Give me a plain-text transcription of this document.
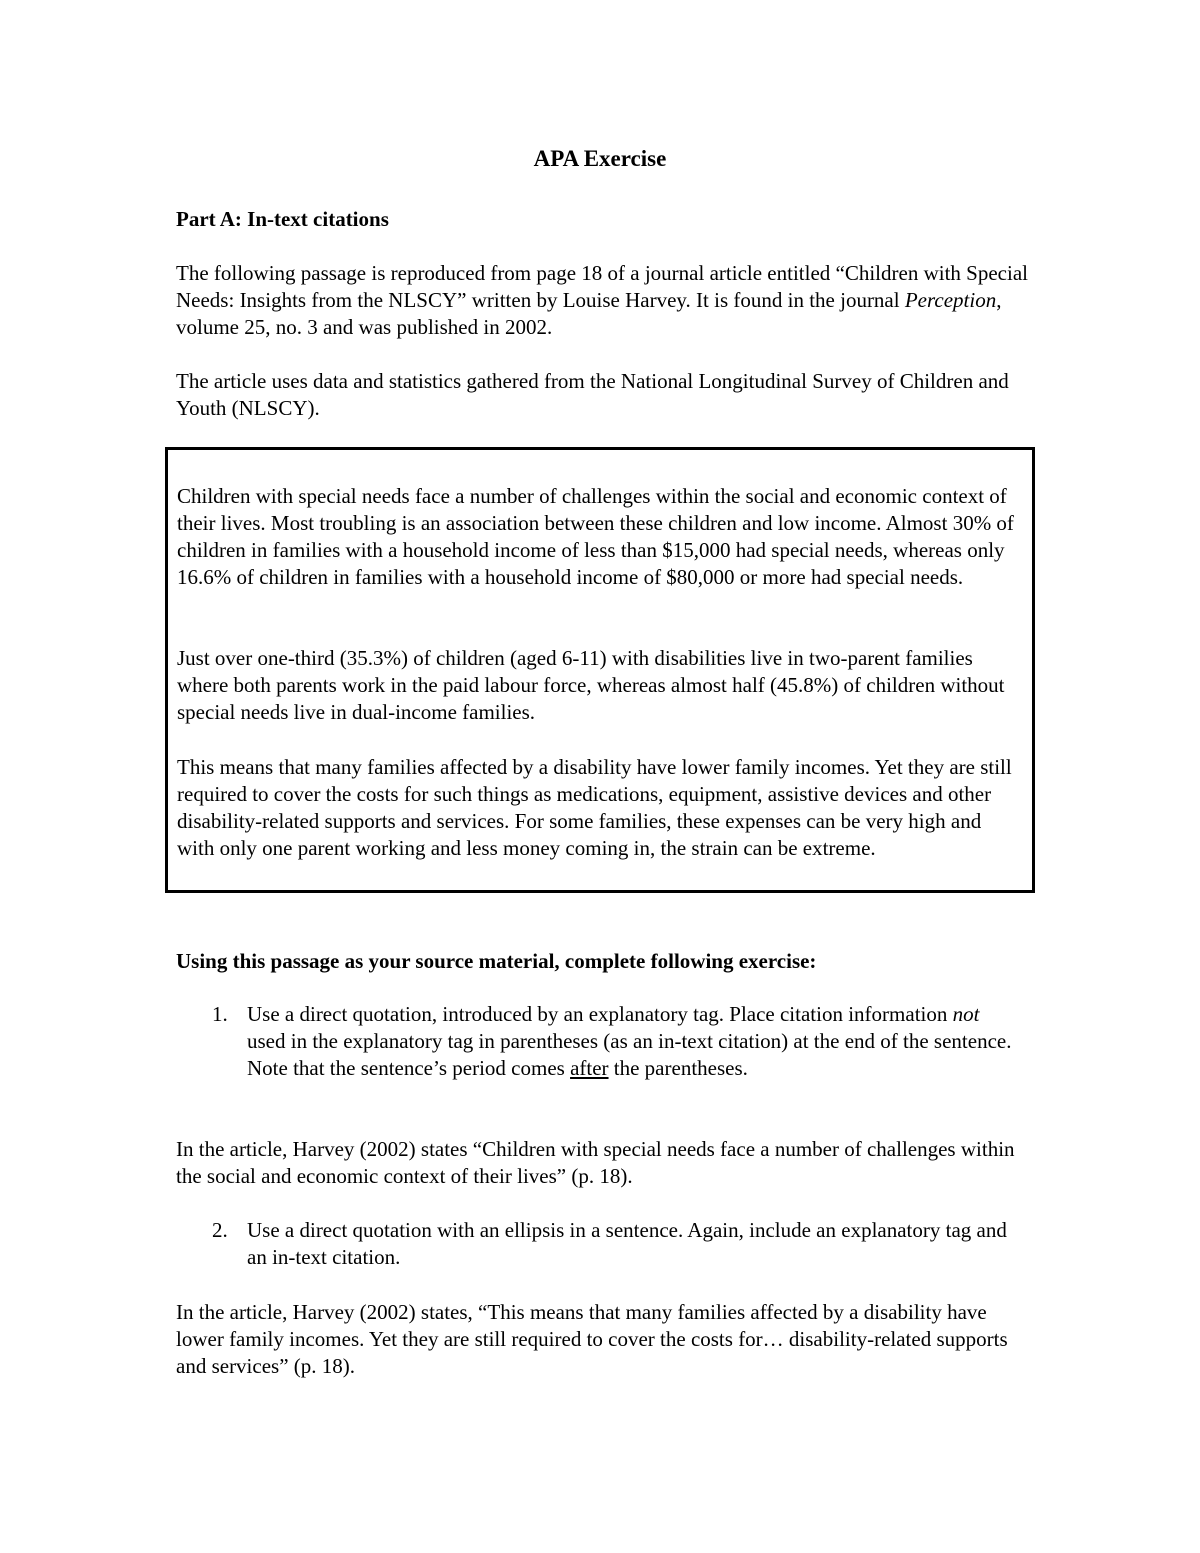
APA Exercise

Part A: In-text citations

The following passage is reproduced from page 18 of a journal article entitled “Children with Special Needs: Insights from the NLSCY” written by Louise Harvey. It is found in the journal Perception, volume 25, no. 3 and was published in 2002.

The article uses data and statistics gathered from the National Longitudinal Survey of Children and Youth (NLSCY).

Children with special needs face a number of challenges within the social and economic context of their lives. Most troubling is an association between these children and low income. Almost 30% of children in families with a household income of less than $15,000 had special needs, whereas only 16.6% of children in families with a household income of $80,000 or more had special needs.

Just over one-third (35.3%) of children (aged 6-11) with disabilities live in two-parent families where both parents work in the paid labour force, whereas almost half (45.8%) of children without special needs live in dual-income families.

This means that many families affected by a disability have lower family incomes. Yet they are still required to cover the costs for such things as medications, equipment, assistive devices and other disability-related supports and services. For some families, these expenses can be very high and with only one parent working and less money coming in, the strain can be extreme.

Using this passage as your source material, complete following exercise:

1. Use a direct quotation, introduced by an explanatory tag. Place citation information not used in the explanatory tag in parentheses (as an in-text citation) at the end of the sentence. Note that the sentence’s period comes after the parentheses.

In the article, Harvey (2002) states “Children with special needs face a number of challenges within the social and economic context of their lives” (p. 18).

2. Use a direct quotation with an ellipsis in a sentence. Again, include an explanatory tag and an in-text citation.

In the article, Harvey (2002) states, “This means that many families affected by a disability have lower family incomes. Yet they are still required to cover the costs for… disability-related supports and services” (p. 18).
